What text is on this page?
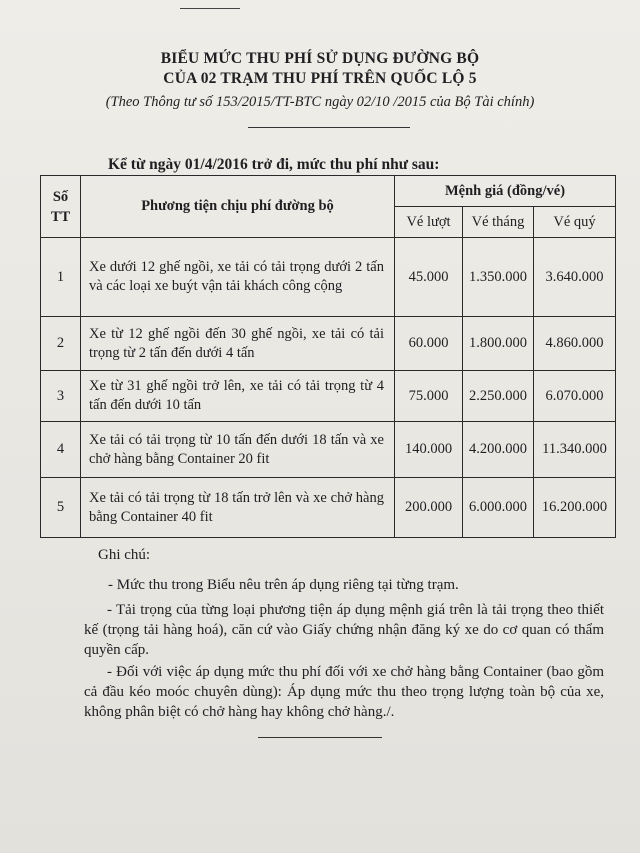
BIỂU MỨC THU PHÍ SỬ DỤNG ĐƯỜNG BỘ
CỦA 02 TRẠM THU PHÍ TRÊN QUỐC LỘ 5
(Theo Thông tư số 153/2015/TT-BTC ngày 02/10 /2015 của Bộ Tài chính)
Kể từ ngày 01/4/2016 trở đi, mức thu phí như sau:
Số TT	Phương tiện chịu phí đường bộ	Mệnh giá (đồng/vé)		
		Vé lượt	Vé tháng	Vé quý
1	Xe dưới 12 ghế ngồi, xe tải có tải trọng dưới 2 tấn và các loại xe buýt vận tải khách công cộng	45.000	1.350.000	3.640.000
2	Xe từ 12 ghế ngồi đến 30 ghế ngồi, xe tải có tải trọng từ 2 tấn đến dưới 4 tấn	60.000	1.800.000	4.860.000
3	Xe từ 31 ghế ngồi trở lên, xe tải có tải trọng từ 4 tấn đến dưới 10 tấn	75.000	2.250.000	6.070.000
4	Xe tải có tải trọng từ 10 tấn đến dưới 18 tấn và xe chở hàng bằng Container 20 fit	140.000	4.200.000	11.340.000
5	Xe tải có tải trọng từ 18 tấn trở lên và xe chở hàng bằng Container 40 fit	200.000	6.000.000	16.200.000
Ghi chú:
- Mức thu trong Biểu nêu trên áp dụng riêng tại từng trạm.
- Tải trọng của từng loại phương tiện áp dụng mệnh giá trên là tải trọng theo thiết kế (trọng tải hàng hoá), căn cứ vào Giấy chứng nhận đăng ký xe do cơ quan có thẩm quyền cấp.
- Đối với việc áp dụng mức thu phí đối với xe chở hàng bằng Container (bao gồm cả đầu kéo moóc chuyên dùng): Áp dụng mức thu theo trọng lượng toàn bộ của xe, không phân biệt có chở hàng hay không chở hàng./.
